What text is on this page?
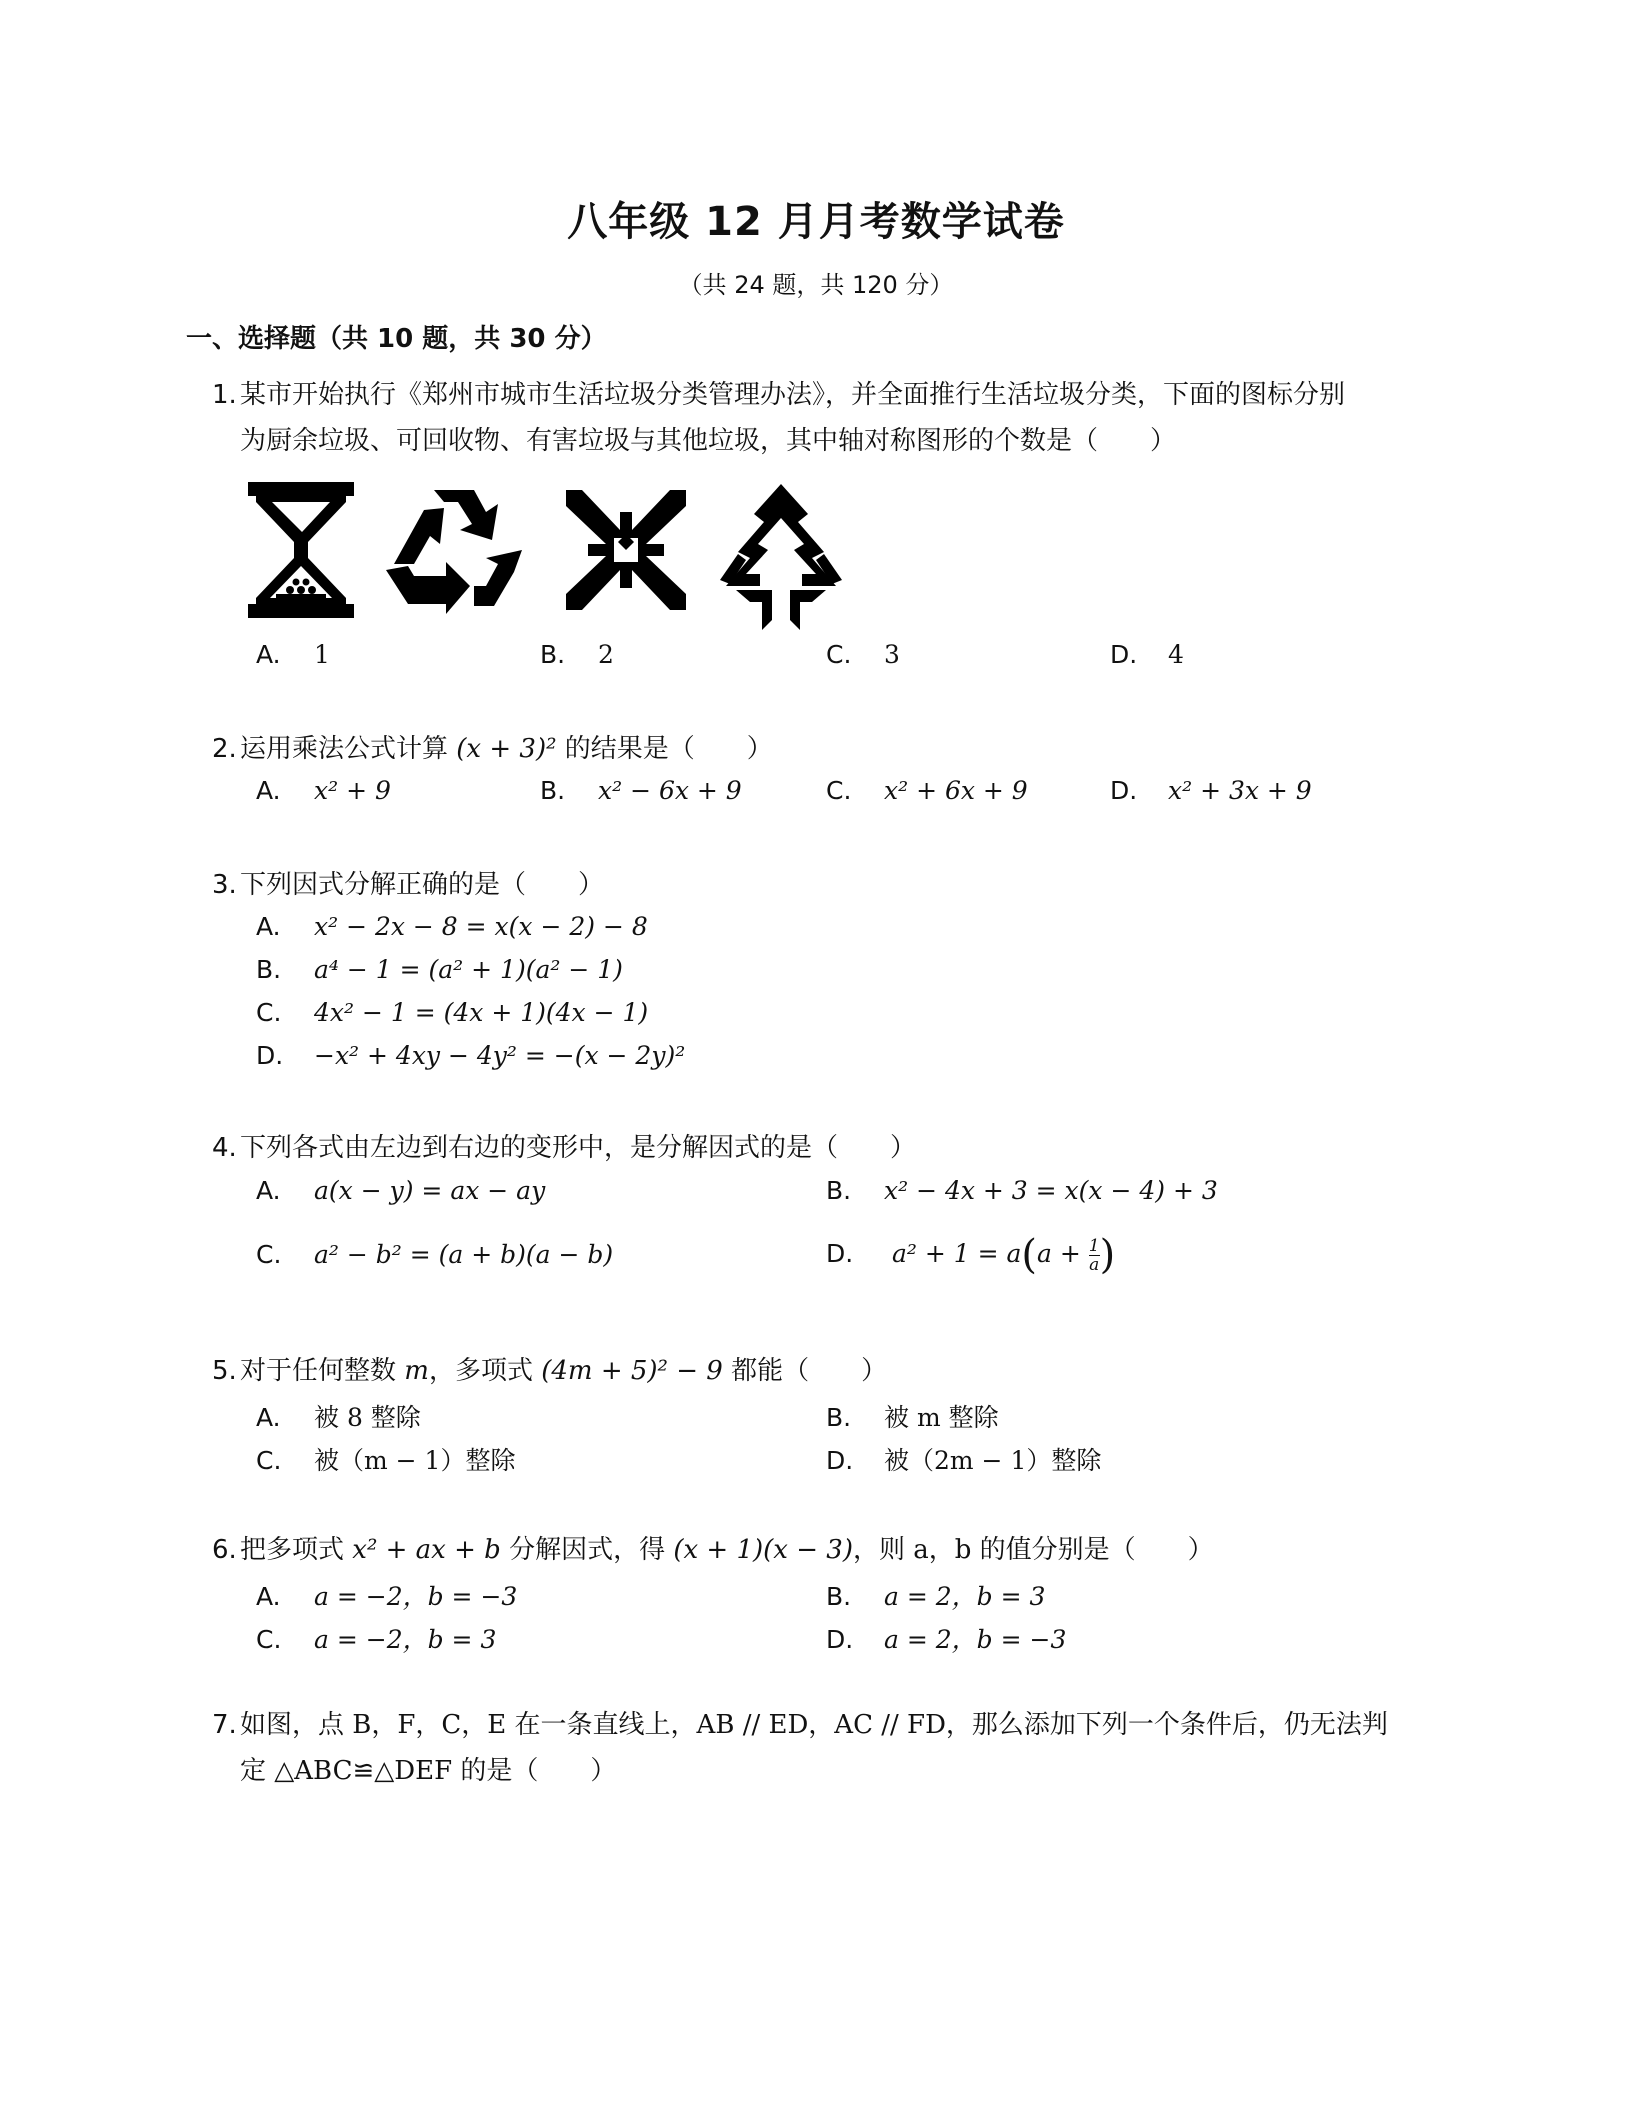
八年级 12 月月考数学试卷
（共 24 题，共 120 分）
一、选择题（共 10 题，共 30 分）
1. 某市开始执行《郑州市城市生活垃圾分类管理办法》，并全面推行生活垃圾分类，下面的图标分别
为厨余垃圾、可回收物、有害垃圾与其他垃圾，其中轴对称图形的个数是（　　）
A. 1	B. 2	C. 3	D. 4
2. 运用乘法公式计算 (x + 3)² 的结果是（　　）
A. x² + 9	B. x² − 6x + 9	C. x² + 6x + 9	D. x² + 3x + 9
3. 下列因式分解正确的是（　　）
A. x² − 2x − 8 = x(x − 2) − 8
B. a⁴ − 1 = (a² + 1)(a² − 1)
C. 4x² − 1 = (4x + 1)(4x − 1)
D. −x² + 4xy − 4y² = −(x − 2y)²
4. 下列各式由左边到右边的变形中，是分解因式的是（　　）
A. a(x − y) = ax − ay	B. x² − 4x + 3 = x(x − 4) + 3
C. a² − b² = (a + b)(a − b)	D. $a^2 + 1 = a(a + \frac{1}{a}$ )
5. 对于任何整数 m，多项式 (4m + 5)² − 9 都能（　　）
A. 被 8 整除	B. 被 m 整除
C. 被（m − 1）整除	D. 被（2m − 1）整除
6. 把多项式 x² + ax + b 分解因式，得 (x + 1)(x − 3)，则 a，b 的值分别是（　　）
A. a = −2，b = −3	B. a = 2，b = 3
C. a = −2，b = 3	D. a = 2，b = −3
7. 如图，点 B，F，C，E 在一条直线上，AB // ED，AC // FD，那么添加下列一个条件后，仍无法判
定 △ABC≌△DEF 的是（　　）
